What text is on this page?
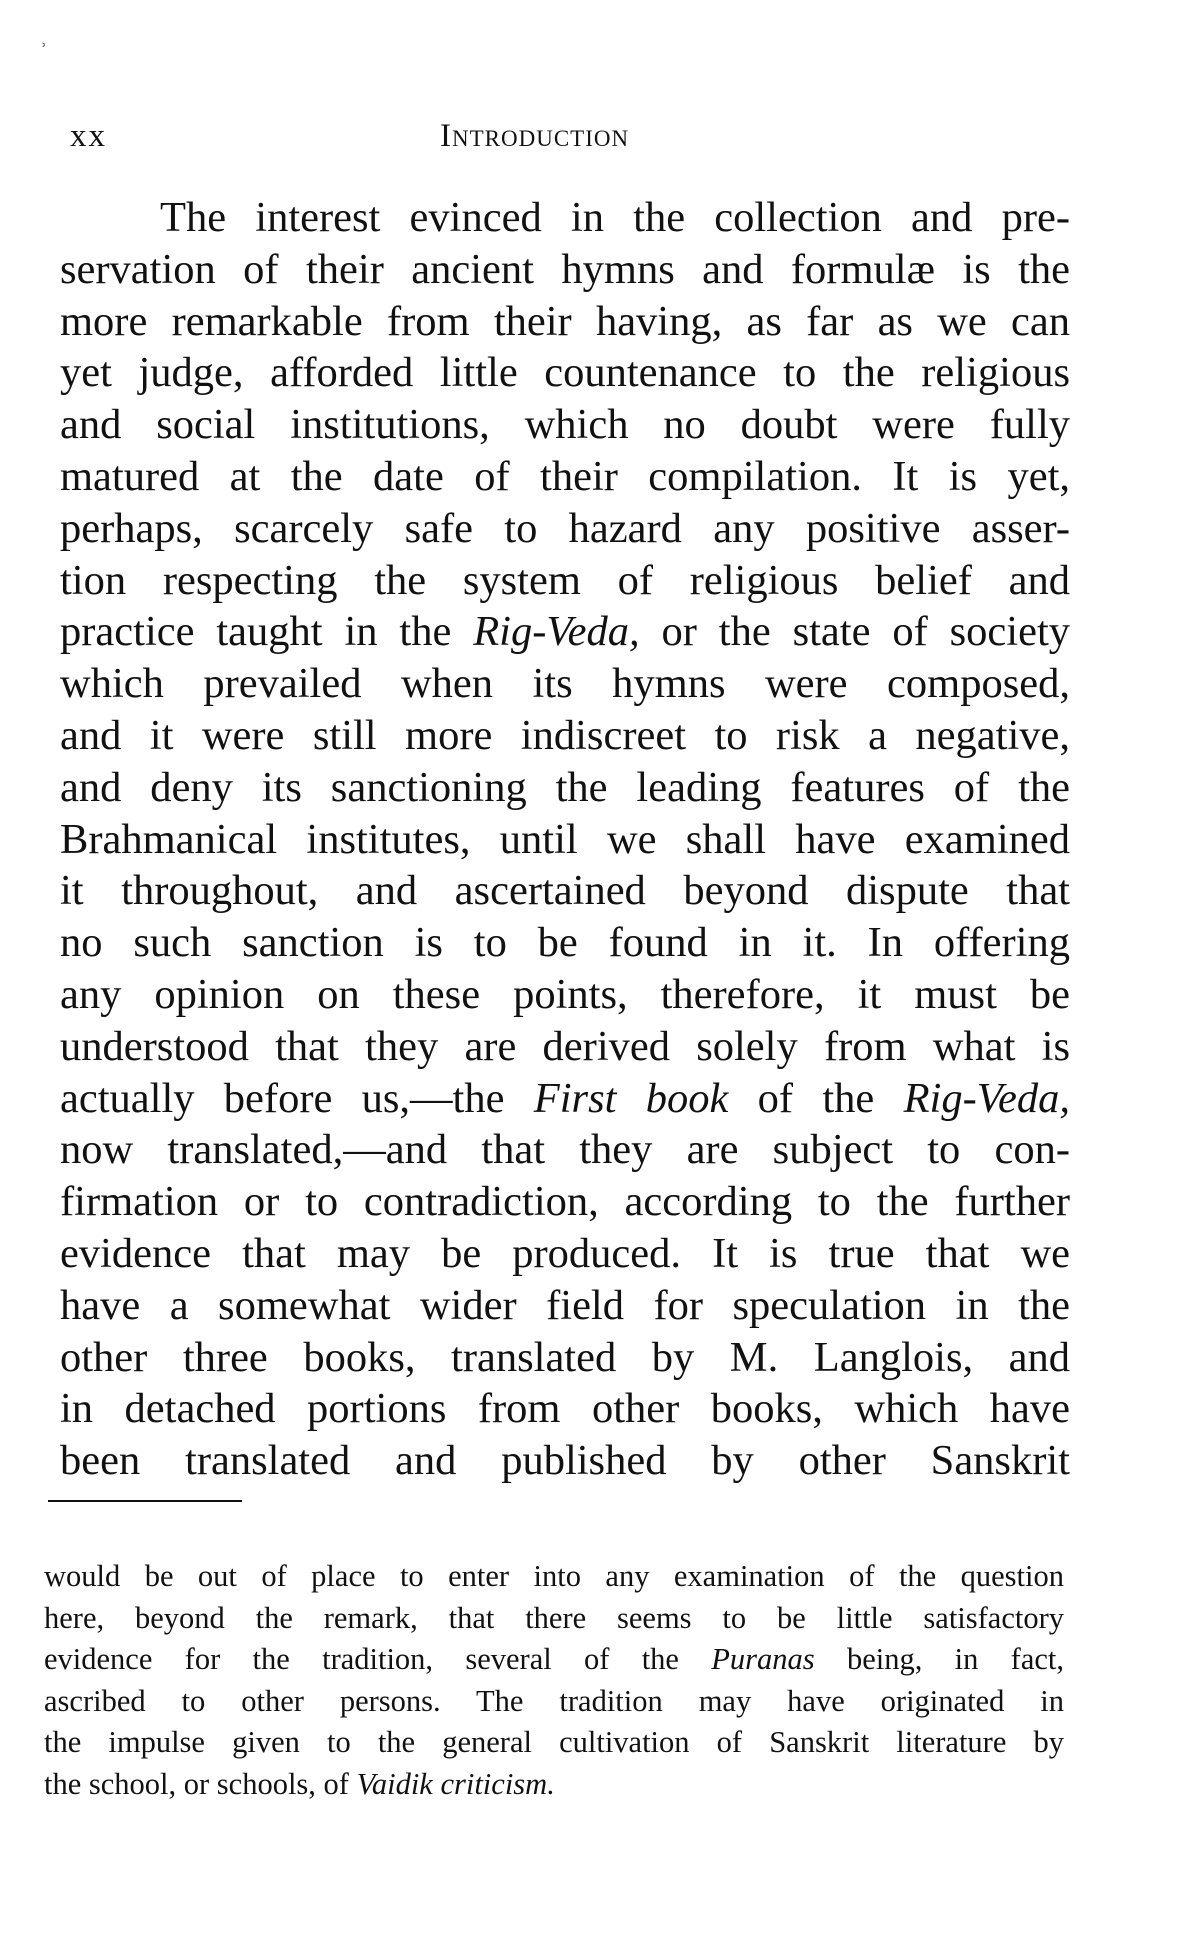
˒
xx	Introduction
The interest evinced in the collection and pre-
servation of their ancient hymns and formulæ is the
more remarkable from their having, as far as we can
yet judge, afforded little countenance to the religious
and social institutions, which no doubt were fully
matured at the date of their compilation. It is yet,
perhaps, scarcely safe to hazard any positive asser-
tion respecting the system of religious belief and
practice taught in the Rig-Veda, or the state of society
which prevailed when its hymns were composed,
and it were still more indiscreet to risk a negative,
and deny its sanctioning the leading features of the
Brahmanical institutes, until we shall have examined
it throughout, and ascertained beyond dispute that
no such sanction is to be found in it. In offering
any opinion on these points, therefore, it must be
understood that they are derived solely from what is
actually before us,—the First book of the Rig-Veda,
now translated,—and that they are subject to con-
firmation or to contradiction, according to the further
evidence that may be produced. It is true that we
have a somewhat wider field for speculation in the
other three books, translated by M. Langlois, and
in detached portions from other books, which have
been translated and published by other Sanskrit
would be out of place to enter into any examination of the question
here, beyond the remark, that there seems to be little satisfactory
evidence for the tradition, several of the Puranas being, in fact,
ascribed to other persons. The tradition may have originated in
the impulse given to the general cultivation of Sanskrit literature by
the school, or schools, of Vaidik criticism.
